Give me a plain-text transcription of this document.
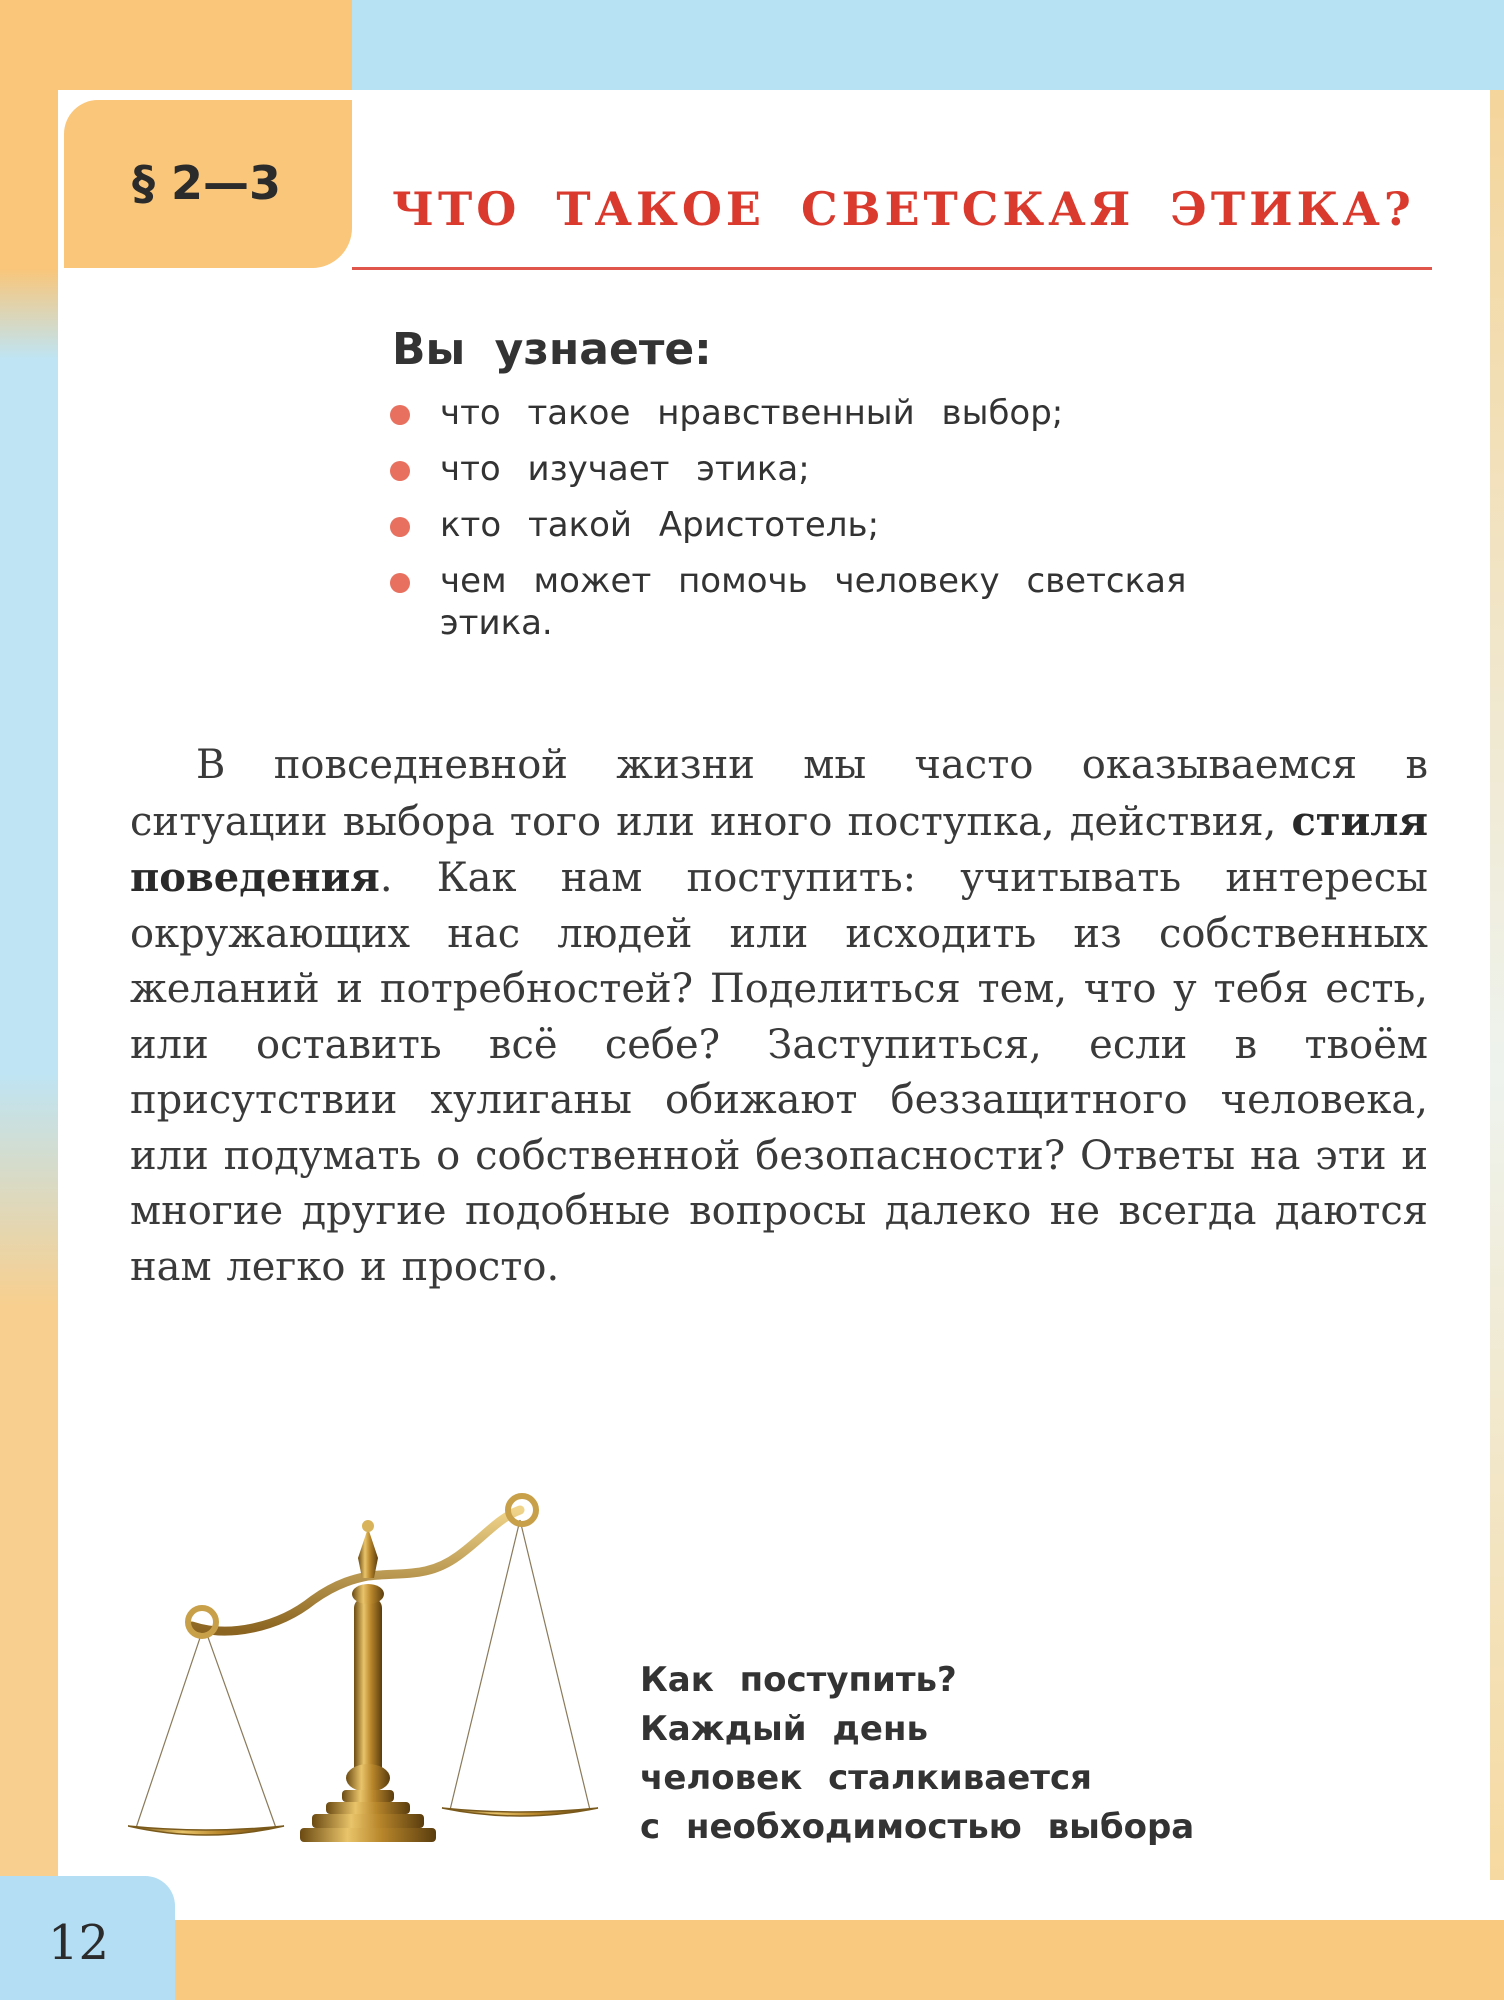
§ 2—3 ЧТО ТАКОЕ СВЕТСКАЯ ЭТИКА?
Вы узнаете:
что такое нравственный выбор;
что изучает этика;
кто такой Аристотель;
чем может помочь человеку светская этика.

В повседневной жизни мы часто оказываемся в ситуации выбора того или иного поступка, действия, стиля поведения. Как нам поступить: учитывать интересы окружающих нас людей или исходить из собственных желаний и потребностей? Поделиться тем, что у тебя есть, или оставить всё себе? Заступиться, если в твоём присутствии хулиганы обижают беззащитного человека, или подумать о собственной безопасности? Ответы на эти и многие другие подобные вопросы далеко не всегда даются нам легко и просто.

Как поступить?
Каждый день
человек сталкивается
с необходимостью выбора
12
